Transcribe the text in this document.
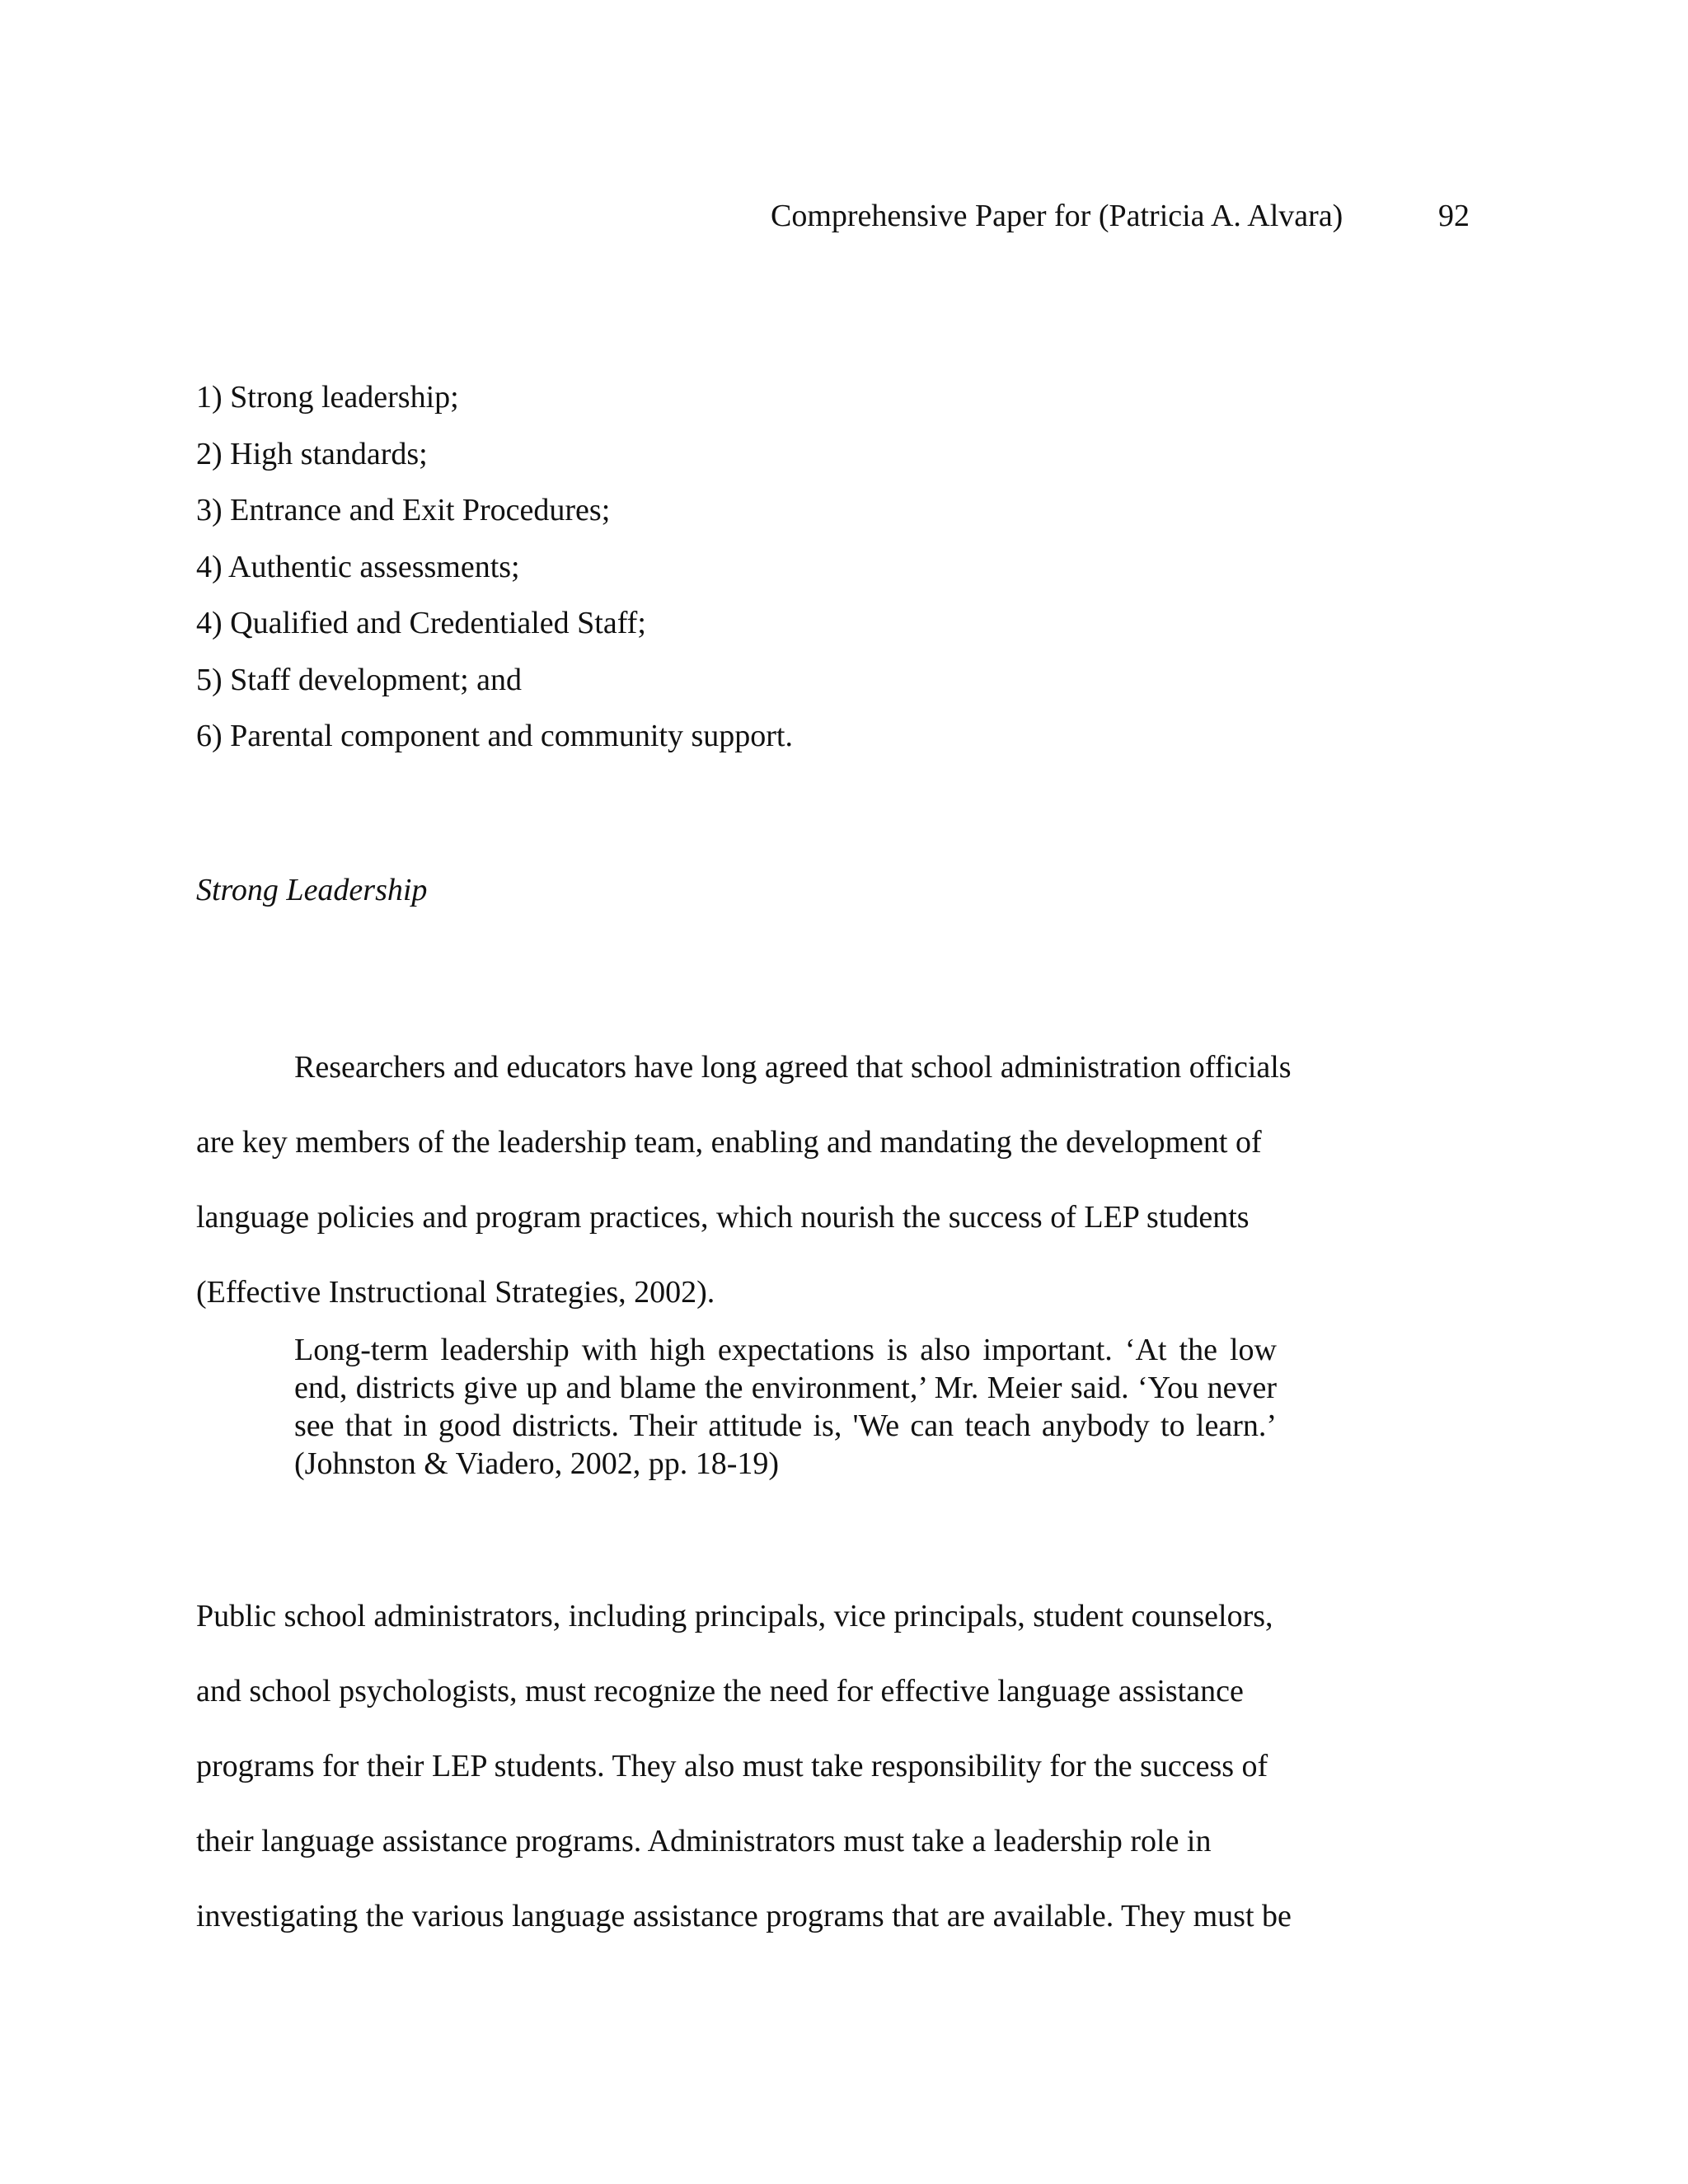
Comprehensive Paper for (Patricia A. Alvara)	92
1) Strong leadership;
2) High standards;
3) Entrance and Exit Procedures;
4) Authentic assessments;
4) Qualified and Credentialed Staff;
5) Staff development; and
6) Parental component and community support.
Strong Leadership

Researchers and educators have long agreed that school administration officials
are key members of the leadership team, enabling and mandating the development of
language policies and program practices, which nourish the success of LEP students
(Effective Instructional Strategies, 2002).

Long-term leadership with high expectations is also important. ‘At the low end, districts give up and blame the environment,’ Mr. Meier said. ‘You never see that in good districts. Their attitude is, 'We can teach anybody to learn.’ (Johnston & Viadero, 2002, pp. 18-19)

Public school administrators, including principals, vice principals, student counselors,
and school psychologists, must recognize the need for effective language assistance
programs for their LEP students. They also must take responsibility for the success of
their language assistance programs. Administrators must take a leadership role in
investigating the various language assistance programs that are available. They must be
